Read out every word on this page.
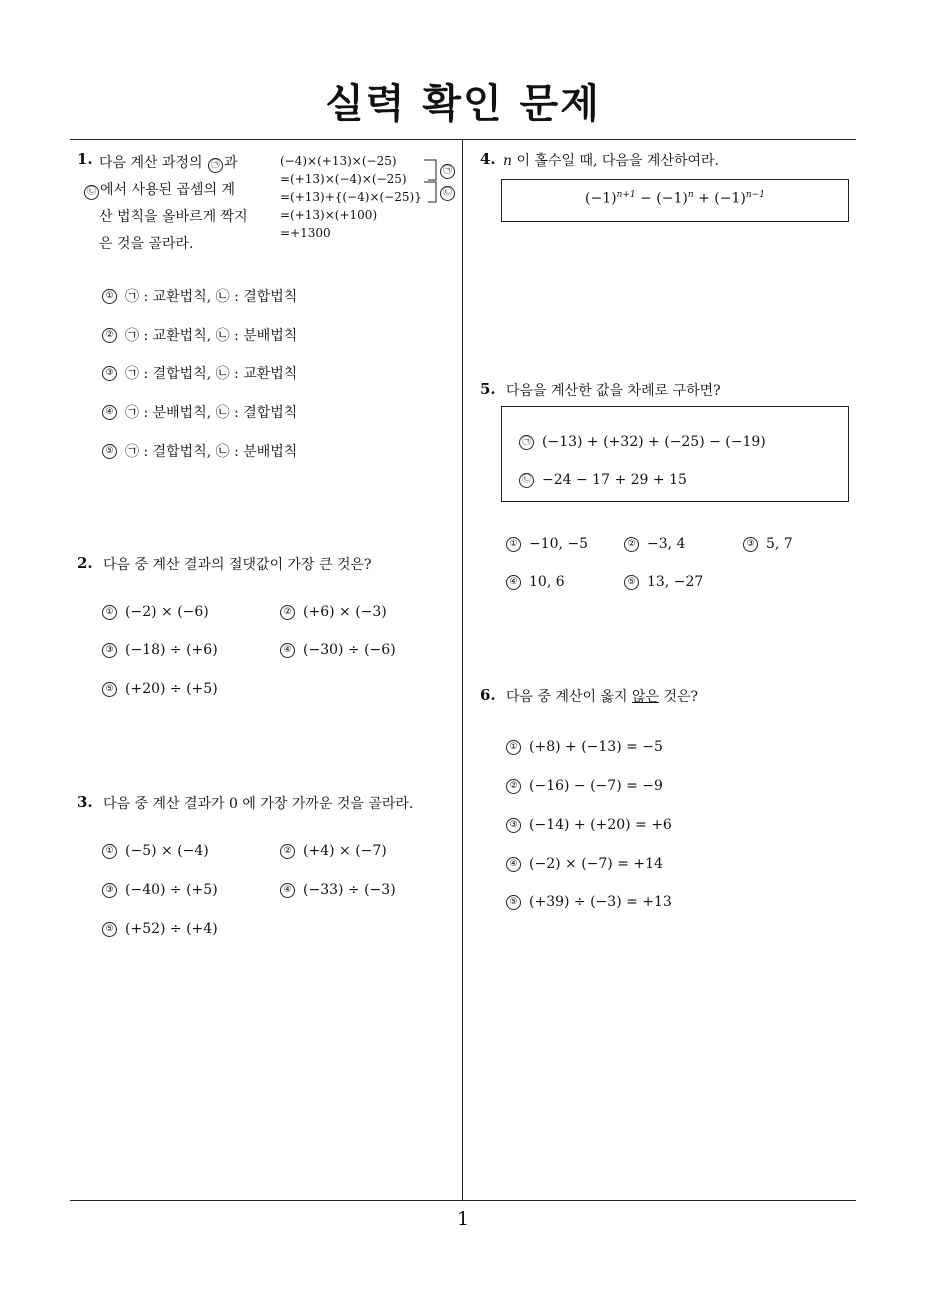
실력 확인 문제
1
1. 다음 계산 과정의 ㉠ 과
㉡ 에서 사용된 곱셈의 계
산 법칙을 올바르게 짝지
은 것을 골라라.
(−4)×(+13)×(−25)
=(+13)×(−4)×(−25)
=(+13)+{(−4)×(−25)}
=(+13)×(+100)
=+1300
㉠
㉡
① ㉠ : 교환법칙, ㉡ : 결합법칙
② ㉠ : 교환법칙, ㉡ : 분배법칙
③ ㉠ : 결합법칙, ㉡ : 교환법칙
④ ㉠ : 분배법칙, ㉡ : 결합법칙
⑤ ㉠ : 결합법칙, ㉡ : 분배법칙
2. 다음 중 계산 결과의 절댓값이 가장 큰 것은?
① (−2) × (−6)	② (+6) × (−3)
③ (−18) ÷ (+6)	④ (−30) ÷ (−6)
⑤ (+20) ÷ (+5)
3. 다음 중 계산 결과가 0 에 가장 가까운 것을 골라라.
① (−5) × (−4)	② (+4) × (−7)
③ (−40) ÷ (+5)	④ (−33) ÷ (−3)
⑤ (+52) ÷ (+4)
4. n 이 홀수일 때, 다음을 계산하여라.
$(-1)^{n+1} - (-1)^n + (-1)^{n-1}$
5. 다음을 계산한 값을 차례로 구하면?
㉠ (−13) + (+32) + (−25) − (−19)
㉡ −24 − 17 + 29 + 15
① −10, −5	② −3, 4	③ 5, 7
④ 10, 6	⑤ 13, −27
6. 다음 중 계산이 옳지 않은 것은?
① (+8) + (−13) = −5
② (−16) − (−7) = −9
③ (−14) + (+20) = +6
④ (−2) × (−7) = +14
⑤ (+39) ÷ (−3) = +13
